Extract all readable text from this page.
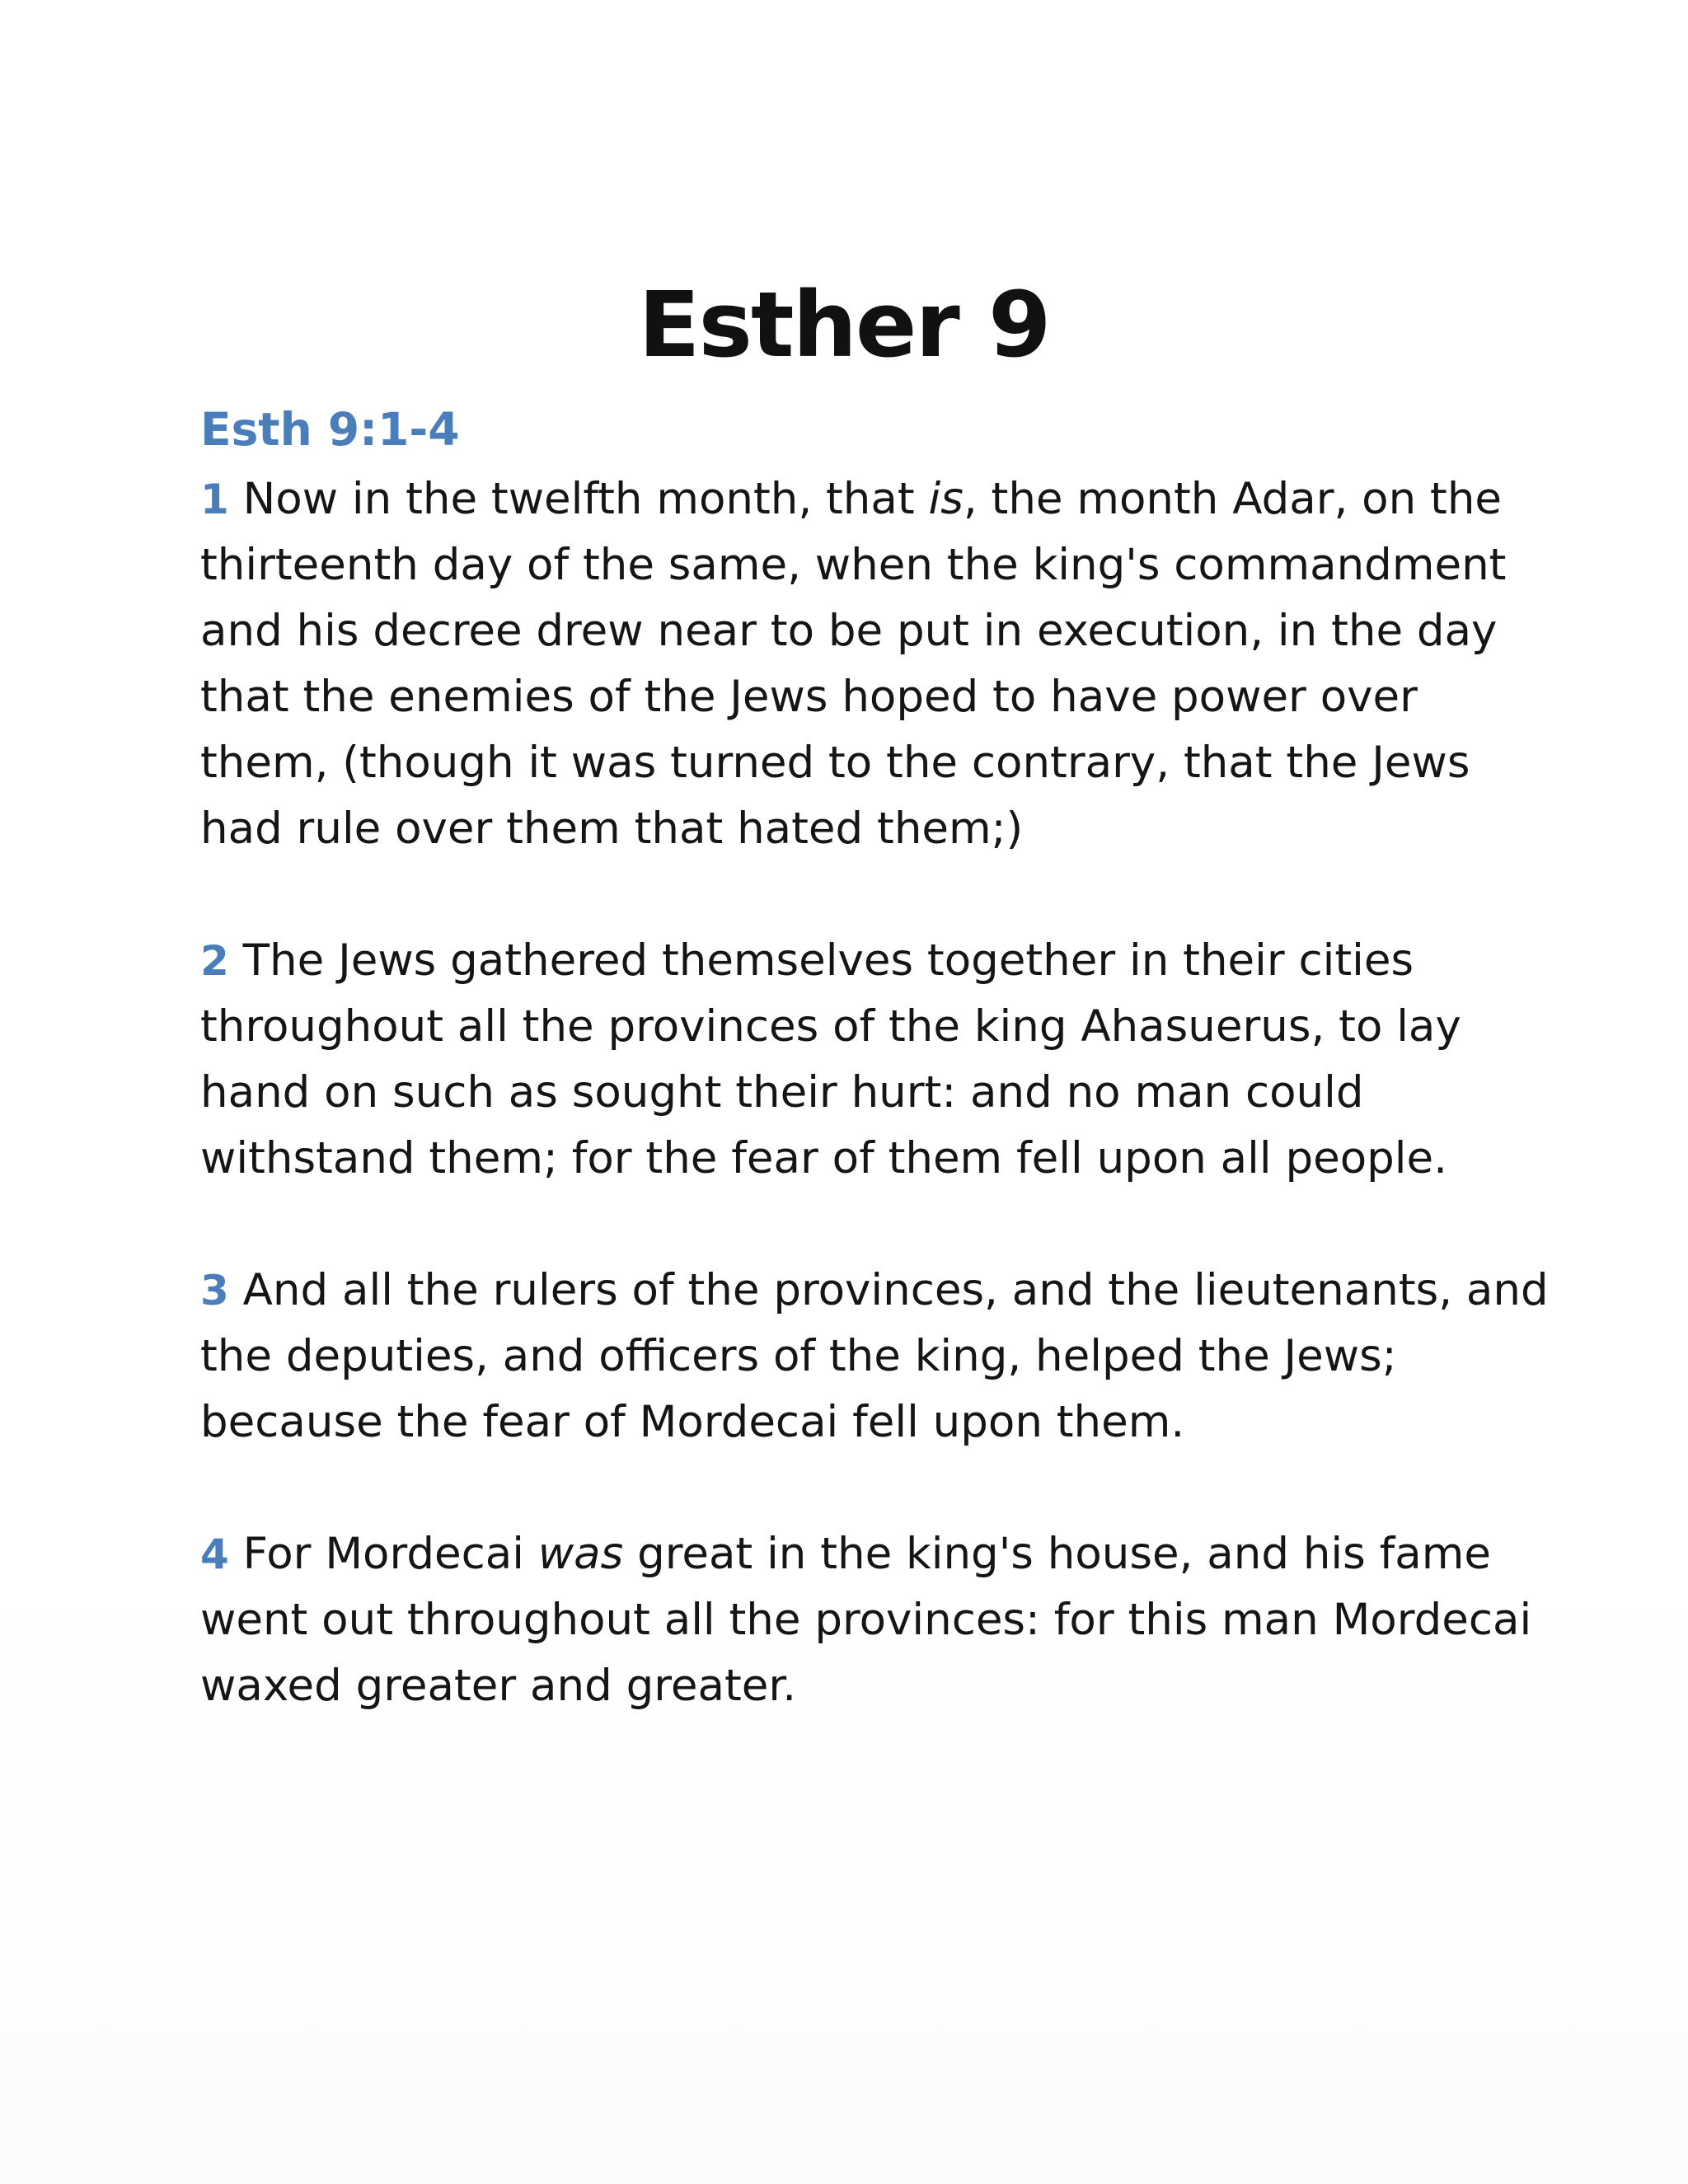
Esther 9

Esth 9:1-4

1 Now in the twelfth month, that is, the month Adar, on the thirteenth day of the same, when the king's commandment and his decree drew near to be put in execution, in the day that the enemies of the Jews hoped to have power over them, (though it was turned to the contrary, that the Jews had rule over them that hated them;)

2 The Jews gathered themselves together in their cities throughout all the provinces of the king Ahasuerus, to lay hand on such as sought their hurt: and no man could withstand them; for the fear of them fell upon all people.

3 And all the rulers of the provinces, and the lieutenants, and the deputies, and officers of the king, helped the Jews; because the fear of Mordecai fell upon them.

4 For Mordecai was great in the king's house, and his fame went out throughout all the provinces: for this man Mordecai waxed greater and greater.
